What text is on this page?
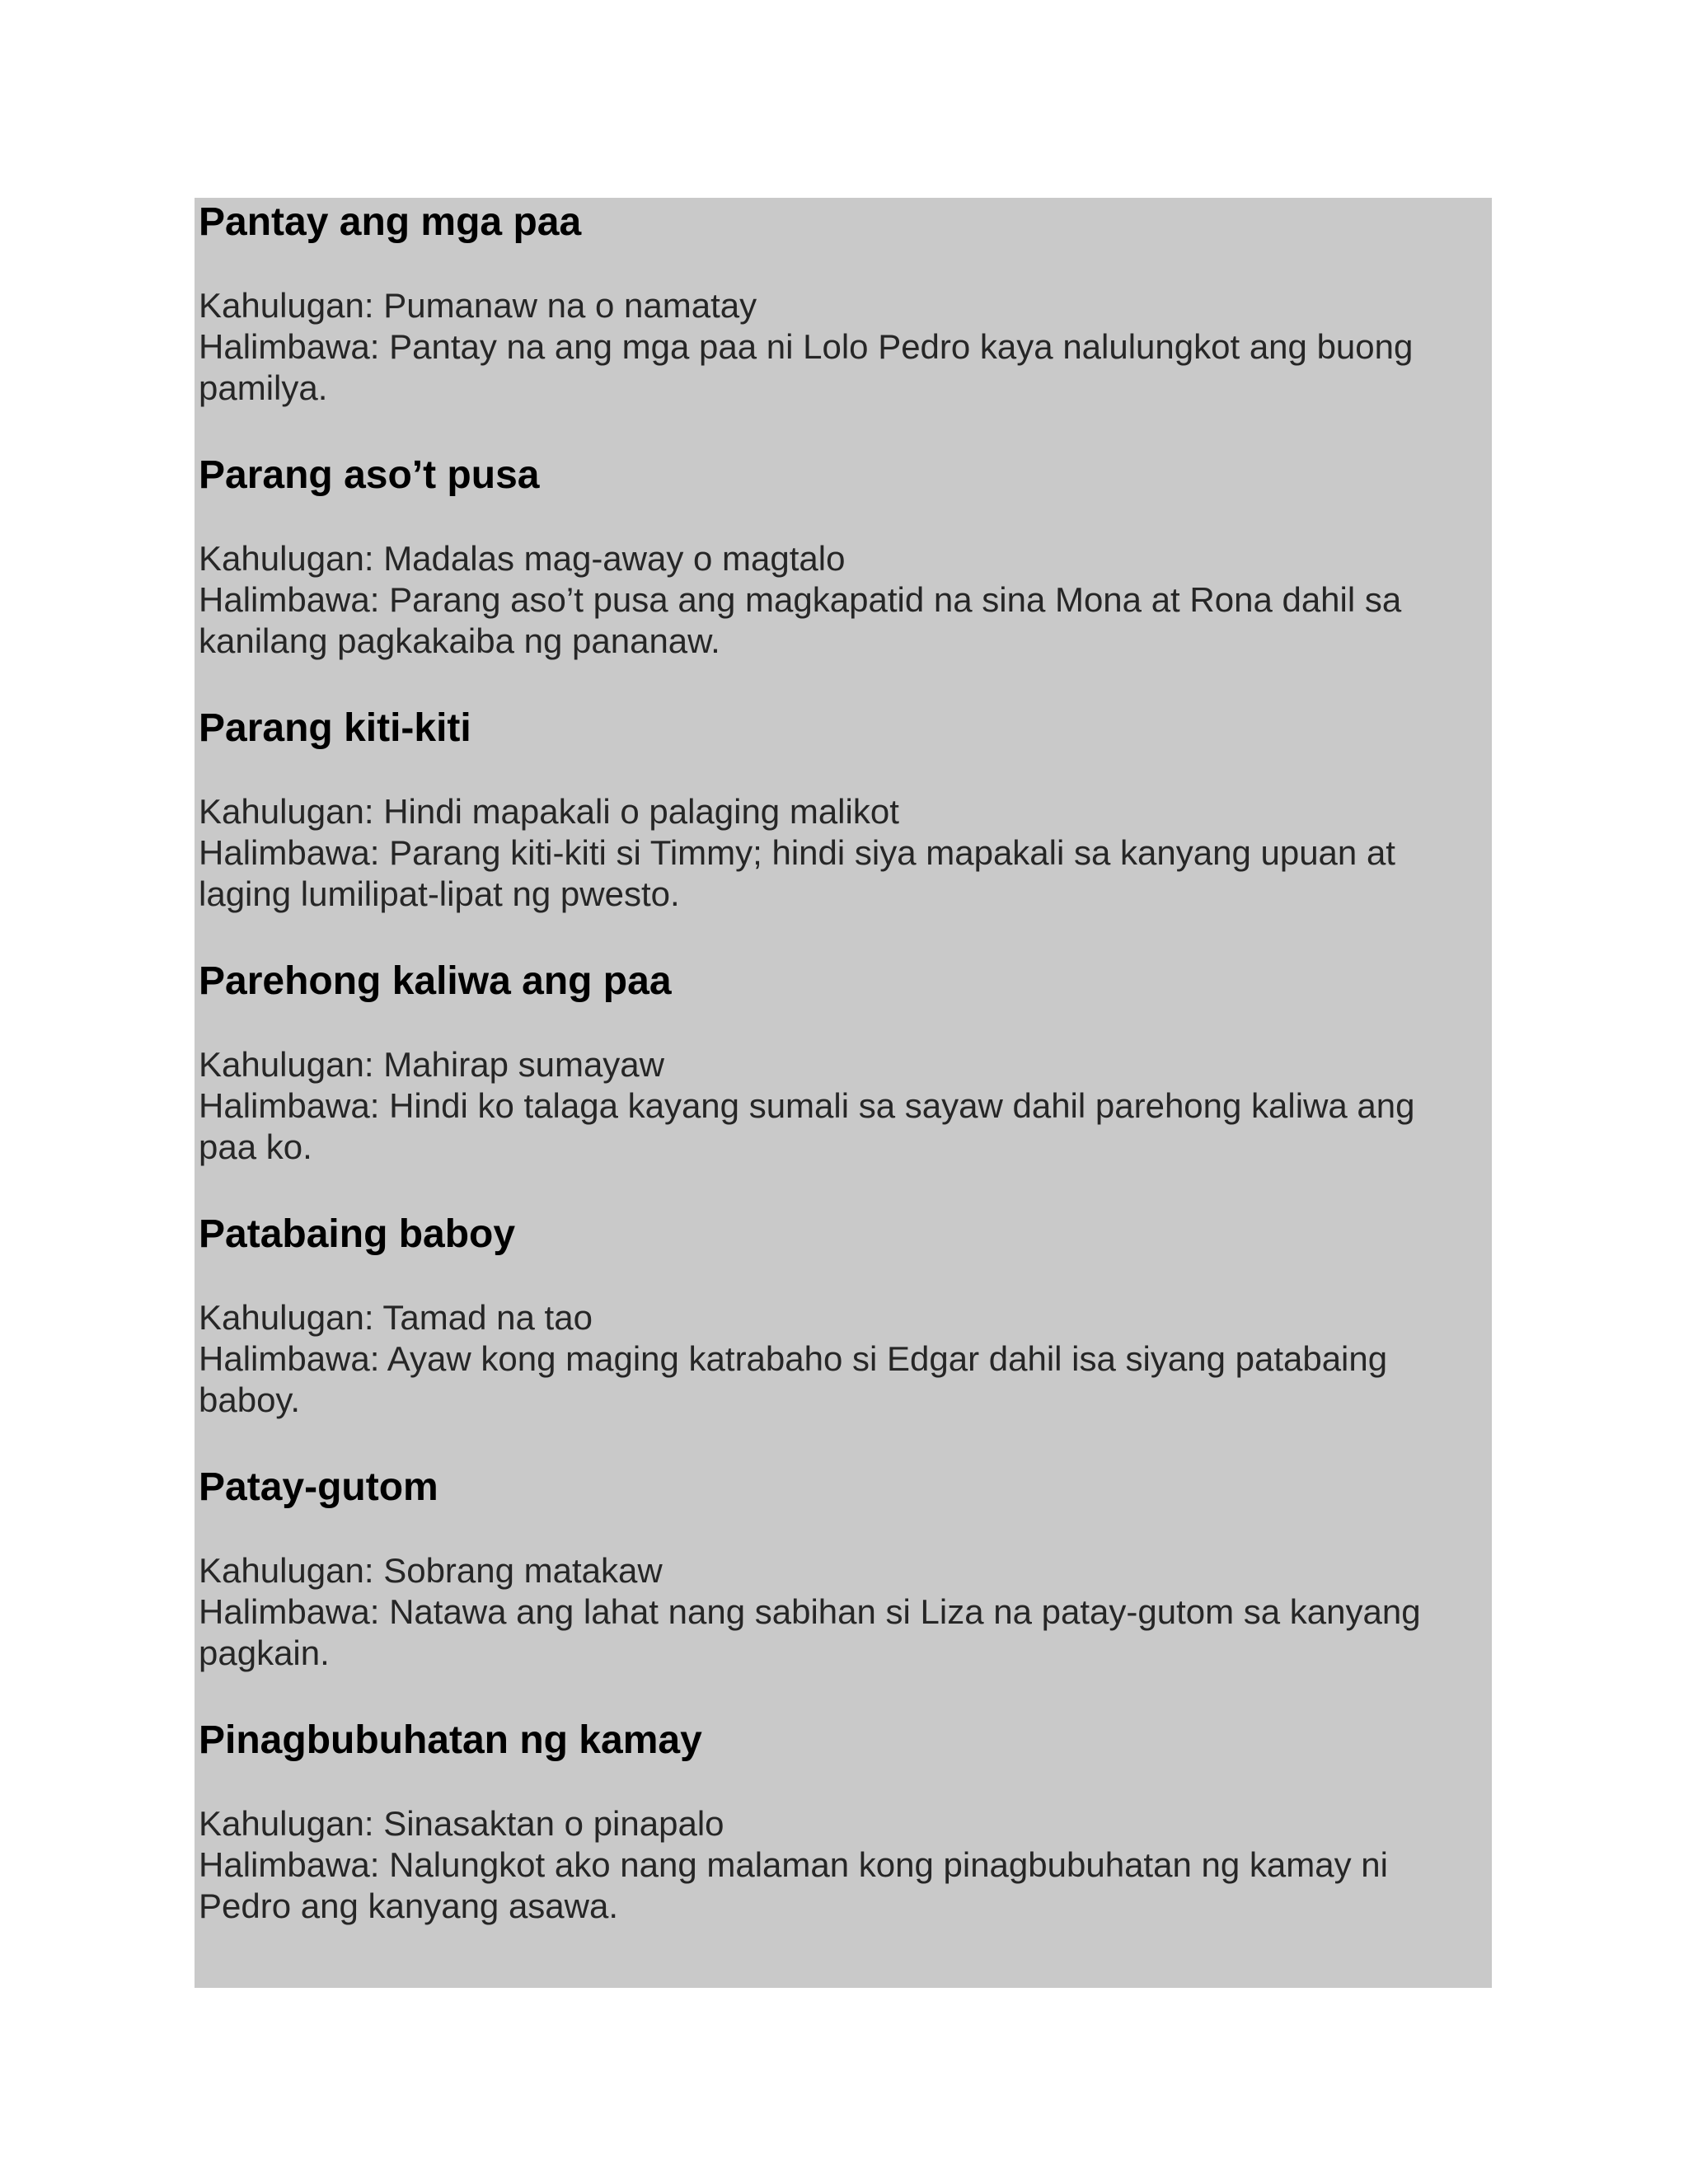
Pantay ang mga paa
Kahulugan: Pumanaw na o namatay
Halimbawa: Pantay na ang mga paa ni Lolo Pedro kaya nalulungkot ang buong
pamilya.
Parang aso’t pusa
Kahulugan: Madalas mag-away o magtalo
Halimbawa: Parang aso’t pusa ang magkapatid na sina Mona at Rona dahil sa
kanilang pagkakaiba ng pananaw.
Parang kiti-kiti
Kahulugan: Hindi mapakali o palaging malikot
Halimbawa: Parang kiti-kiti si Timmy; hindi siya mapakali sa kanyang upuan at
laging lumilipat-lipat ng pwesto.
Parehong kaliwa ang paa
Kahulugan: Mahirap sumayaw
Halimbawa: Hindi ko talaga kayang sumali sa sayaw dahil parehong kaliwa ang
paa ko.
Patabaing baboy
Kahulugan: Tamad na tao
Halimbawa: Ayaw kong maging katrabaho si Edgar dahil isa siyang patabaing
baboy.
Patay-gutom
Kahulugan: Sobrang matakaw
Halimbawa: Natawa ang lahat nang sabihan si Liza na patay-gutom sa kanyang
pagkain.
Pinagbubuhatan ng kamay
Kahulugan: Sinasaktan o pinapalo
Halimbawa: Nalungkot ako nang malaman kong pinagbubuhatan ng kamay ni
Pedro ang kanyang asawa.
